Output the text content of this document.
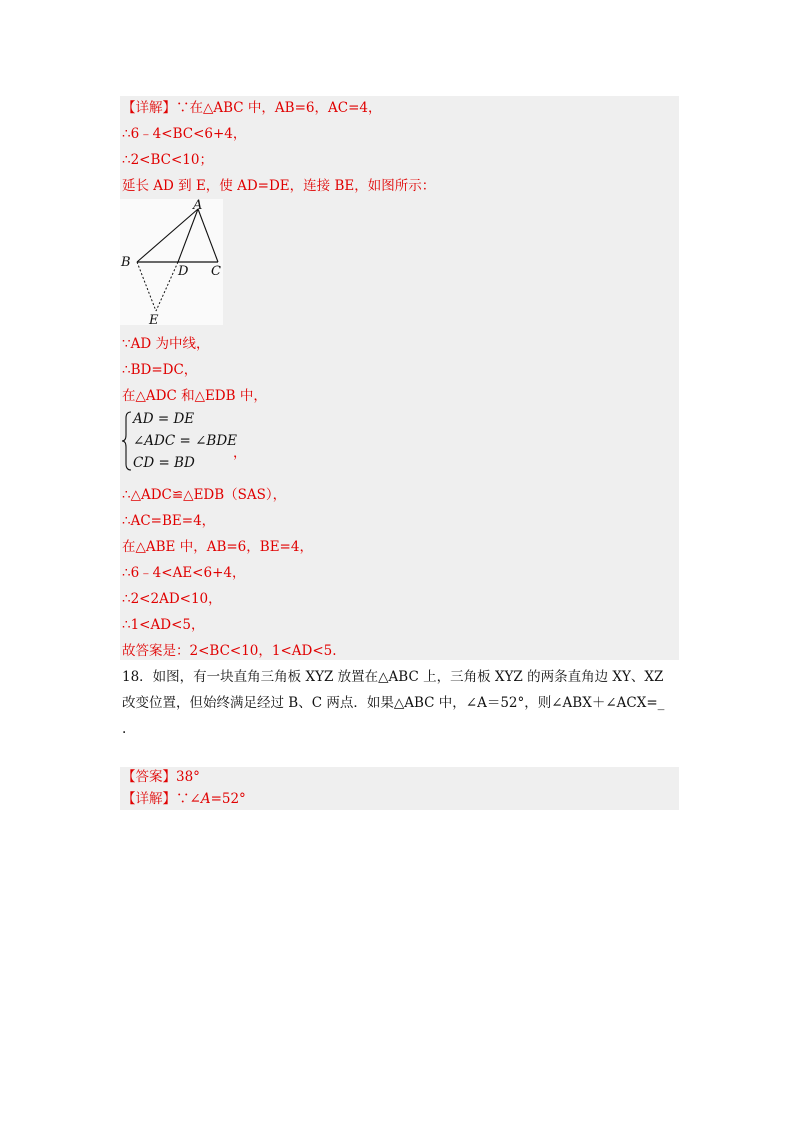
【详解】∵在△ABC 中，AB=6，AC=4，
∴6﹣4<BC<6+4，
∴2<BC<10；
延长 AD 到 E，使 AD=DE，连接 BE，如图所示：
A
B
D C
E
∵AD 为中线，
∴BD=DC，
在△ADC 和△EDB 中，
AD = DE
∠ADC = ∠BDE
CD = BD
，
∴△ADC≌△EDB（SAS），
∴AC=BE=4，
在△ABE 中，AB=6，BE=4，
∴6﹣4<AE<6+4，
∴2<2AD<10，
∴1<AD<5，
故答案是：2<BC<10，1<AD<5.
18．如图，有一块直角三角板 XYZ 放置在△ABC 上，三角板 XYZ 的两条直角边 XY、XZ
改变位置，但始终满足经过 B、C 两点．如果△ABC 中，∠A＝52°，则∠ABX＋∠ACX=_
.
【答案】38°
【详解】∵∠A=52°
